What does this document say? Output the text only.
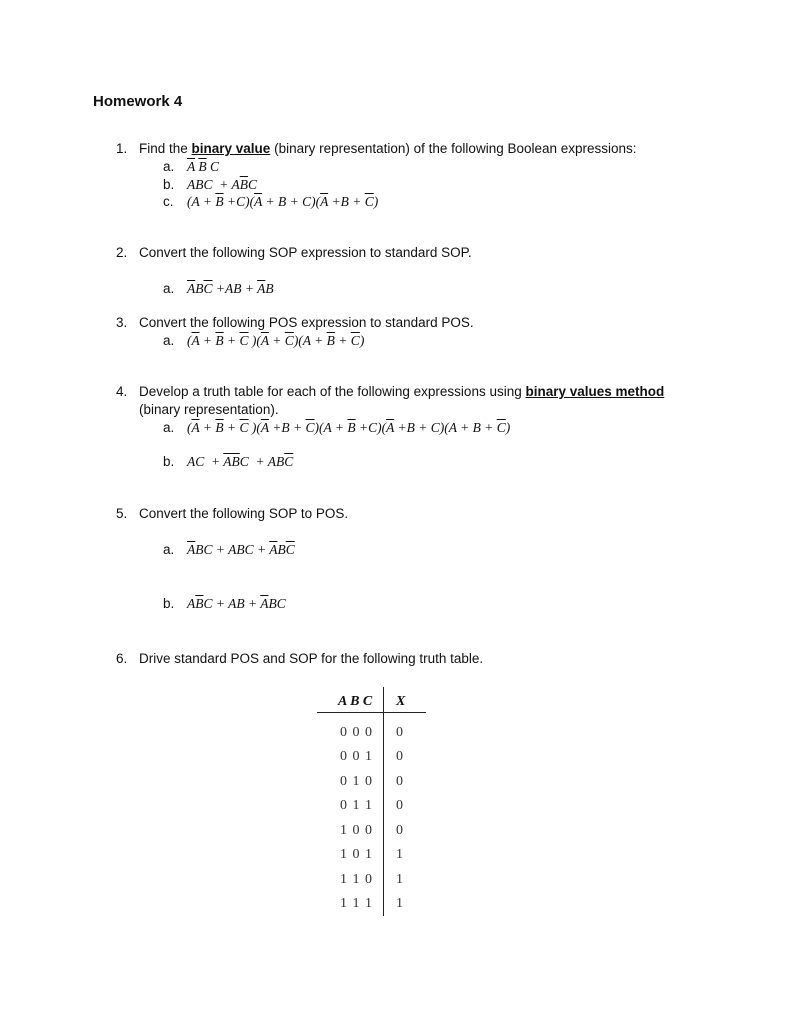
Homework 4
1. Find the binary value (binary representation) of the following Boolean expressions:
a. $\overline{A}$ $\overline{B}$ C
b. ABC  + $A\overline{B}C$
c. $(A + \overline{B} +C)(\overline{A} + B + C)(\overline{A} +B + \overline{C})$
2. Convert the following SOP expression to standard SOP.
a. $\overline{A}B\overline{C} +AB + \overline{A}B$
3. Convert the following POS expression to standard POS.
a. ($\overline{A} + \overline{B} + \overline{C}$ )$(\overline{A} + \overline{C})(A + \overline{B} + \overline{C})$
4. Develop a truth table for each of the following expressions using binary values method
(binary representation).
a. ($\overline{A} + \overline{B} + \overline{C}$ )$(\overline{A} +B + \overline{C})(A + \overline{B} +C)(\overline{A} +B + C)(A + B + \overline{C})$
b. AC  + $\overline{AB}C + AB\overline{C}$
5. Convert the following SOP to POS.
a. $\overline{A}BC$ + ABC + $\overline{A}B\overline{C}$
b. $A\overline{B}C$ + AB + $\overline{A}BC$
6. Drive standard POS and SOP for the following truth table.
A B C X
0 0 0 0
0 0 1 0
0 1 0 0
0 1 1 0
1 0 0 0
1 0 1 1
1 1 0 1
1 1 1 1
